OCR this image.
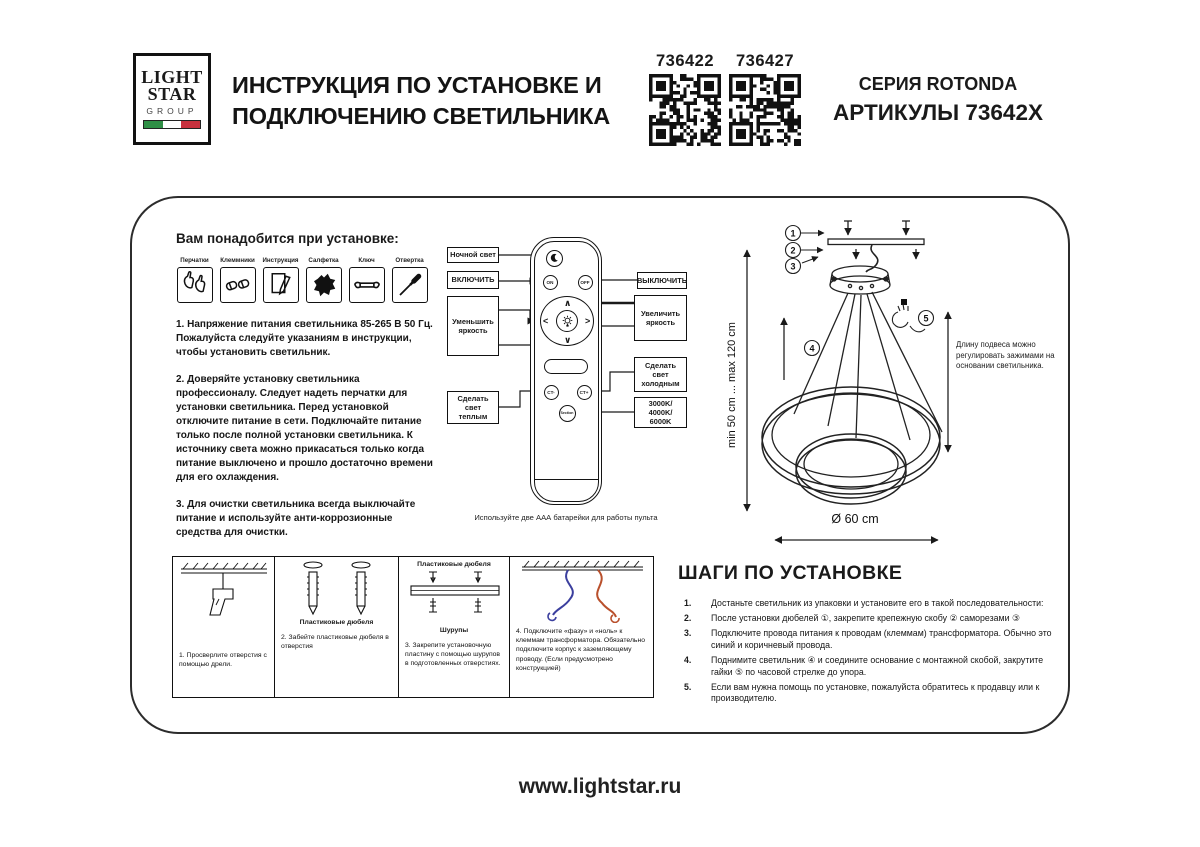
LIGHT
STAR
GROUP
ИНСТРУКЦИЯ ПО УСТАНОВКЕ И
ПОДКЛЮЧЕНИЮ СВЕТИЛЬНИКА
736422	736427
СЕРИЯ ROTONDA
АРТИКУЛЫ 73642X
Вам понадобится при установке:
Перчатки	Клеммники	Инструкция	Салфетка	Ключ	Отвертка

1. Напряжение питания светильника 85-265 В 50 Гц. Пожалуйста следуйте указаниям в инструкции, чтобы установить светильник.

2. Доверяйте установку светильника профессионалу. Следует надеть перчатки для установки светильника. Перед установкой отключите питание в сети. Подключайте питание только после полной установки светильника. К источнику света можно прикасаться только когда питание выключено и прошло достаточно времени для его охлаждения.

3. Для очистки светильника всегда выключайте питание и используйте анти-коррозионные средства для очистки.

Ночной свет
ВКЛЮЧИТЬ
Уменьшить яркость
Сделать свет теплым
ВЫКЛЮЧИТЬ
Увеличить яркость
Сделать свет холодным
3000K/ 4000K/ 6000K
ON	OFF
∧
∨
<	>
CT-	CT+
Section
Используйте две ААА батарейки для работы пульта
1
2
3
4
5
min 50 cm ... max 120 cm
Ø 60 cm
Длину подвеса можно регулировать зажимами на основании светильника.
1. Просверлите отверстия с помощью дрели.
Пластиковые дюбеля
2. Забейте пластиковые дюбеля в отверстия
Пластиковые дюбеля
Шурупы
3. Закрепите установочную пластину с помощью шурупов в подготовленных отверстиях.
4. Подключите «фазу» и «ноль» к клеммам трансформатора. Обязательно подключите корпус к заземляющему проводу. (Если предусмотрено конструкцией)
ШАГИ ПО УСТАНОВКЕ
1.	Достаньте светильник из упаковки и установите его в такой последовательности:
2.	После установки дюбелей ①, закрепите крепежную скобу ② саморезами ③
3.	Подключите провода питания к проводам (клеммам) трансформатора. Обычно это синий и коричневый провода.
4.	Поднимите светильник ④ и соедините основание с монтажной скобой, закрутите гайки ⑤ по часовой стрелке до упора.
5.	Если вам нужна помощь по установке, пожалуйста обратитесь к продавцу или к производителю.
www.lightstar.ru
